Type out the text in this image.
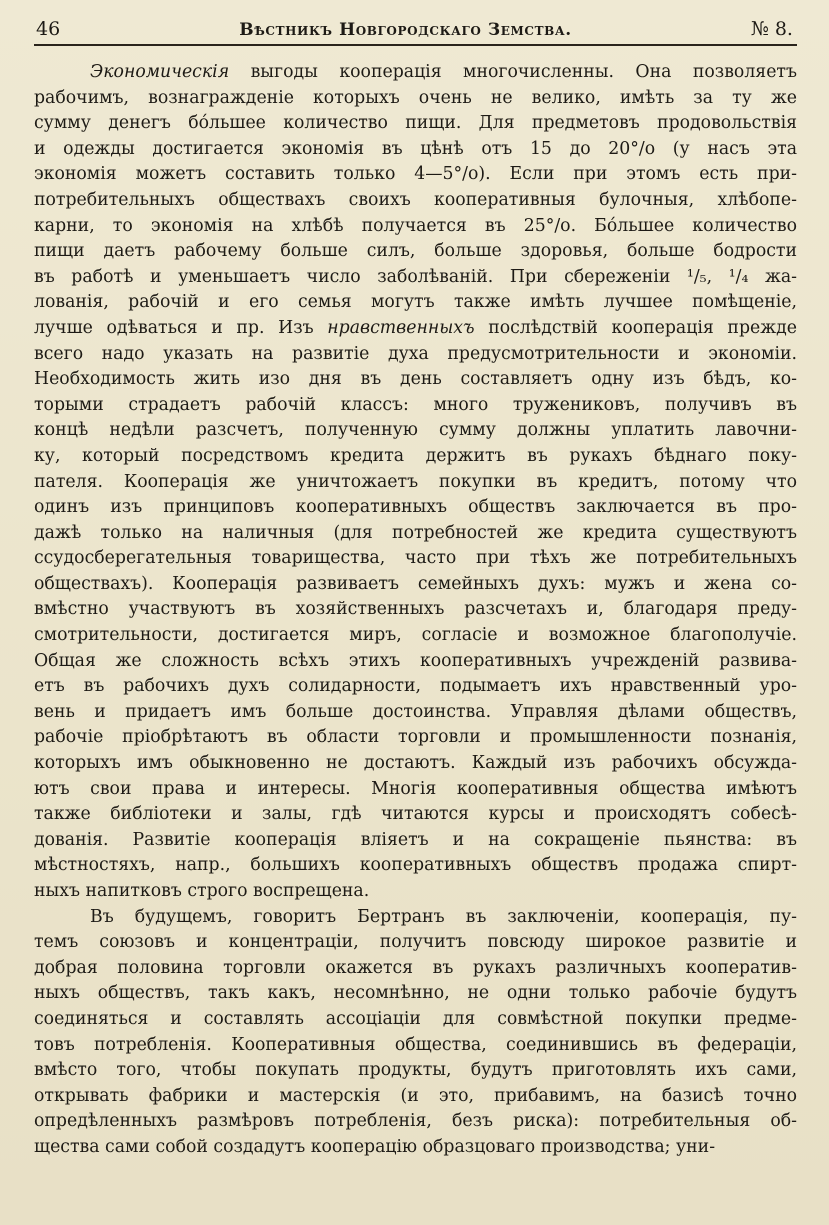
46	Вѣстникъ Новгородскаго Земства.	№ 8.

Экономическія выгоды кооперація многочисленны. Она позволяетъ

рабочимъ, вознагражденіе которыхъ очень не велико, имѣть за ту же

сумму денегъ бóльшее количество пищи. Для предметовъ продовольствія

и одежды достигается экономія въ цѣнѣ отъ 15 до 20°/о (у насъ эта

экономія можетъ составить только 4—5°/о). Если при этомъ есть при-

потребительныхъ обществахъ своихъ кооперативныя булочныя, хлѣбопе-

карни, то экономія на хлѣбѣ получается въ 25°/о. Бóльшее количество

пищи даетъ рабочему больше силъ, больше здоровья, больше бодрости

въ работѣ и уменьшаетъ число заболѣваній. При сбереженіи ¹/₅, ¹/₄ жа-

лованія, рабочій и его семья могутъ также имѣть лучшее помѣщеніе,

лучше одѣваться и пр. Изъ нравственныхъ послѣдствій кооперація прежде

всего надо указать на развитіе духа предусмотрительности и экономіи.

Необходимость жить изо дня въ день составляетъ одну изъ бѣдъ, ко-

торыми страдаетъ рабочій классъ: много тружениковъ, получивъ въ

концѣ недѣли разсчетъ, полученную сумму должны уплатить лавочни-

ку, который посредствомъ кредита держитъ въ рукахъ бѣднаго поку-

пателя. Кооперація же уничтожаетъ покупки въ кредитъ, потому что

одинъ изъ принциповъ кооперативныхъ обществъ заключается въ про-

дажѣ только на наличныя (для потребностей же кредита существуютъ

ссудосберегательныя товарищества, часто при тѣхъ же потребительныхъ

обществахъ). Кооперація развиваетъ семейныхъ духъ: мужъ и жена со-

вмѣстно участвуютъ въ хозяйственныхъ разсчетахъ и, благодаря преду-

смотрительности, достигается миръ, согласіе и возможное благополучіе.

Общая же сложность всѣхъ этихъ кооперативныхъ учрежденій развива-

етъ въ рабочихъ духъ солидарности, подымаетъ ихъ нравственный уро-

вень и придаетъ имъ больше достоинства. Управляя дѣлами обществъ,

рабочіе пріобрѣтаютъ въ области торговли и промышленности познанія,

которыхъ имъ обыкновенно не достаютъ. Каждый изъ рабочихъ обсужда-

ютъ свои права и интересы. Многія кооперативныя общества имѣютъ

также библіотеки и залы, гдѣ читаются курсы и происходятъ собесѣ-

дованія. Развитіе кооперація вліяетъ и на сокращеніе пьянства: въ

мѣстностяхъ, напр., большихъ кооперативныхъ обществъ продажа спирт-

ныхъ напитковъ строго воспрещена.

Въ будущемъ, говоритъ Бертранъ въ заключеніи, кооперація, пу-

темъ союзовъ и концентраціи, получитъ повсюду широкое развитіе и

добрая половина торговли окажется въ рукахъ различныхъ кооператив-

ныхъ обществъ, такъ какъ, несомнѣнно, не одни только рабочіе будутъ

соединяться и составлять ассоціаціи для совмѣстной покупки предме-

товъ потребленія. Кооперативныя общества, соединившись въ федераціи,

вмѣсто того, чтобы покупать продукты, будутъ приготовлять ихъ сами,

открывать фабрики и мастерскія (и это, прибавимъ, на базисѣ точно

опредѣленныхъ размѣровъ потребленія, безъ риска): потребительныя об-

щества сами собой создадутъ кооперацію образцоваго производства; уни-
